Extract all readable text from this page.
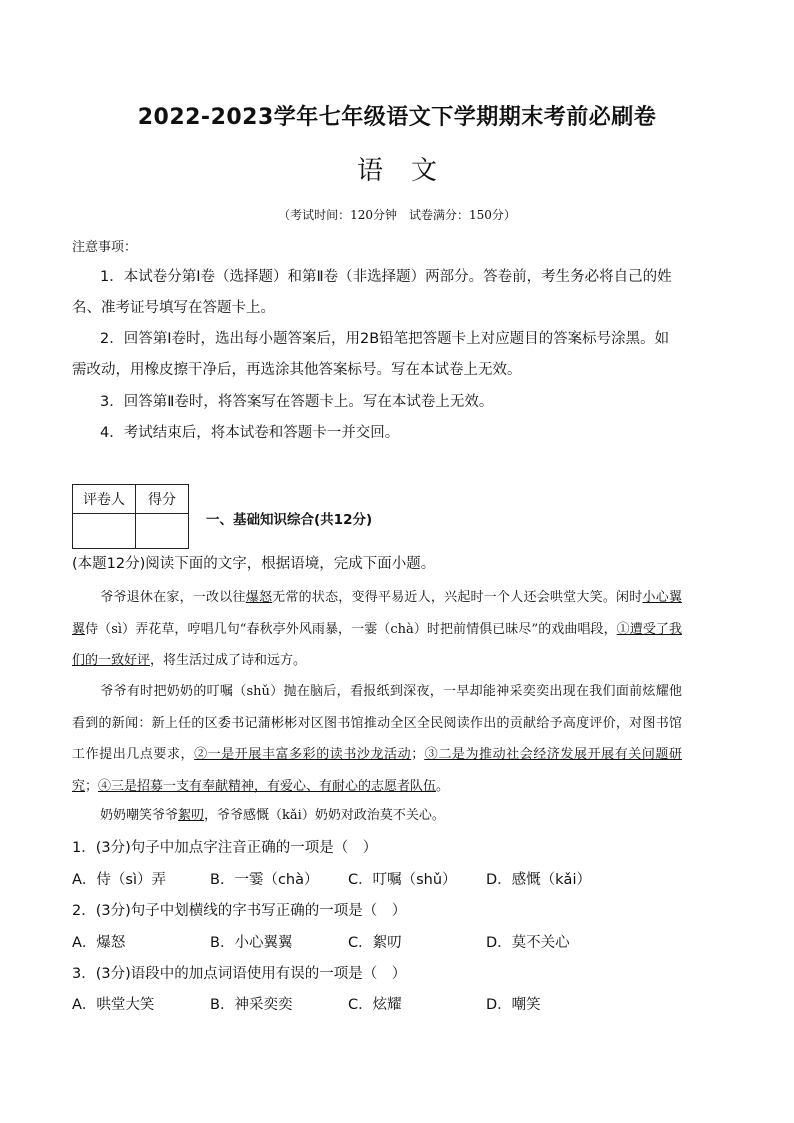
2022-2023学年七年级语文下学期期末考前必刷卷
语文
（考试时间：120分钟　试卷满分：150分）
注意事项：
1．本试卷分第Ⅰ卷（选择题）和第Ⅱ卷（非选择题）两部分。答卷前，考生务必将自己的姓名、准考证号填写在答题卡上。
2．回答第Ⅰ卷时，选出每小题答案后，用2B铅笔把答题卡上对应题目的答案标号涂黑。如需改动，用橡皮擦干净后，再选涂其他答案标号。写在本试卷上无效。
3．回答第Ⅱ卷时，将答案写在答题卡上。写在本试卷上无效。
4．考试结束后，将本试卷和答题卡一并交回。
评卷人	得分

一、基础知识综合(共12分)
(本题12分)阅读下面的文字，根据语境，完成下面小题。
爷爷退休在家，一改以往爆怒无常的状态，变得平易近人，兴起时一个人还会哄堂大笑。闲时小心翼翼侍（sì）弄花草，哼唱几句“春秋亭外风雨暴，一霎（chà）时把前情俱已昧尽”的戏曲唱段，①遭受了我们的一致好评，将生活过成了诗和远方。
爷爷有时把奶奶的叮嘱（shǔ）抛在脑后，看报纸到深夜，一早却能神采奕奕出现在我们面前炫耀他看到的新闻：新上任的区委书记蒲彬彬对区图书馆推动全区全民阅读作出的贡献给予高度评价，对图书馆工作提出几点要求，②一是开展丰富多彩的读书沙龙活动；③二是为推动社会经济发展开展有关问题研究；④三是招募一支有奉献精神，有爱心、有耐心的志愿者队伍。
奶奶嘲笑爷爷絮叨，爷爷感慨（kǎi）奶奶对政治莫不关心。
1．(3分)句子中加点字注音正确的一项是（　）
A．侍（sì）弄	B．一霎（chà） C．叮嘱（shǔ） D．感慨（kǎi）
2．(3分)句子中划横线的字书写正确的一项是（　）
A．爆怒	B．小心翼翼	C．絮叨	D．莫不关心
3．(3分)语段中的加点词语使用有误的一项是（　）
A．哄堂大笑	B．神采奕奕	C．炫耀	D．嘲笑
